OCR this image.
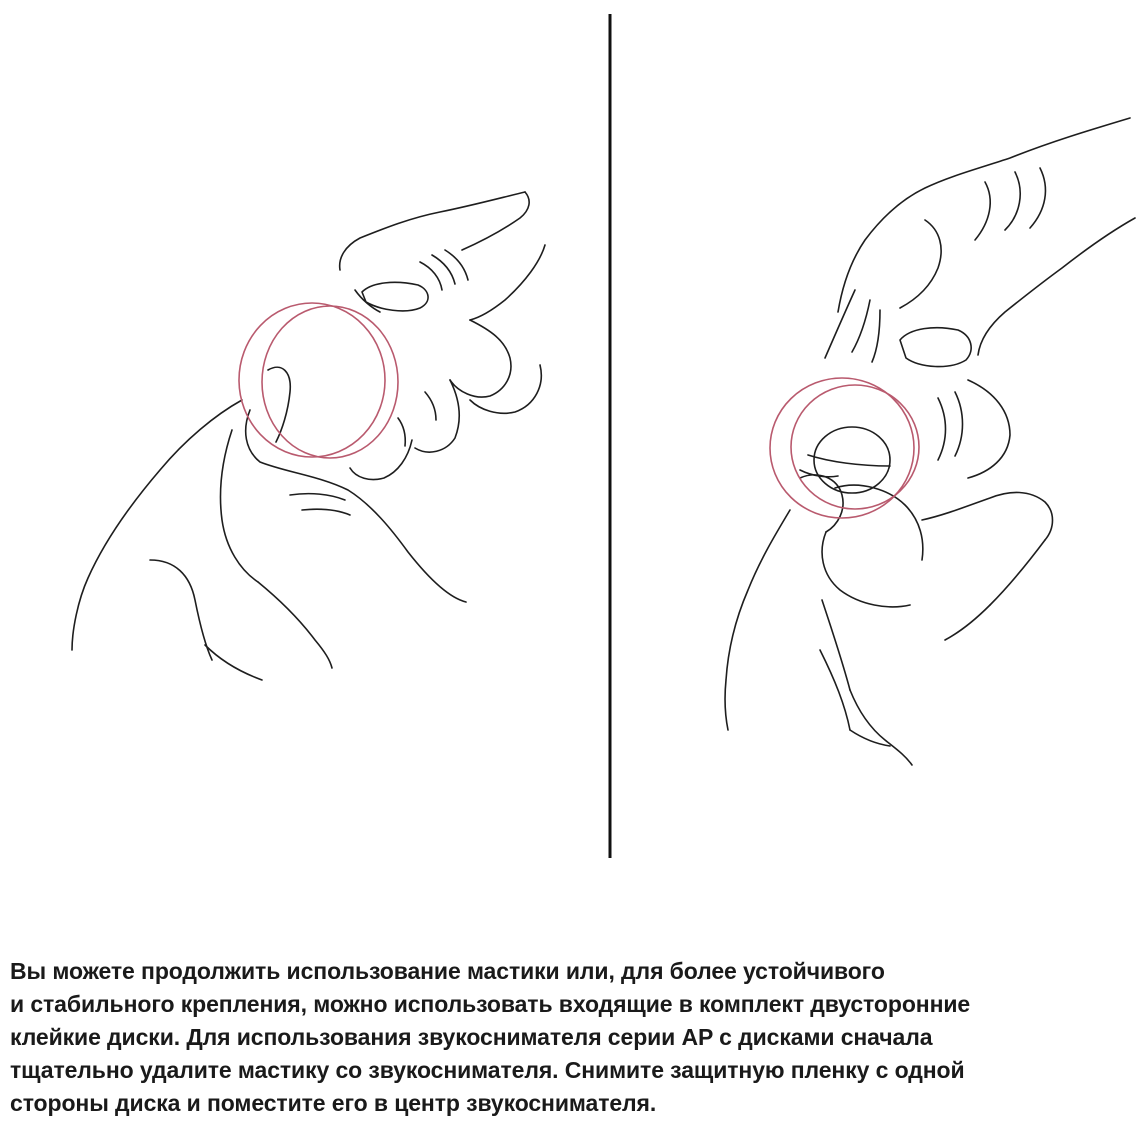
Вы можете продолжить использование мастики или, для более устойчивого
и стабильного крепления, можно использовать входящие в комплект двусторонние
клейкие диски. Для использования звукоснимателя серии AP с дисками сначала
тщательно удалите мастику со звукоснимателя. Снимите защитную пленку с одной
стороны диска и поместите его в центр звукоснимателя.
